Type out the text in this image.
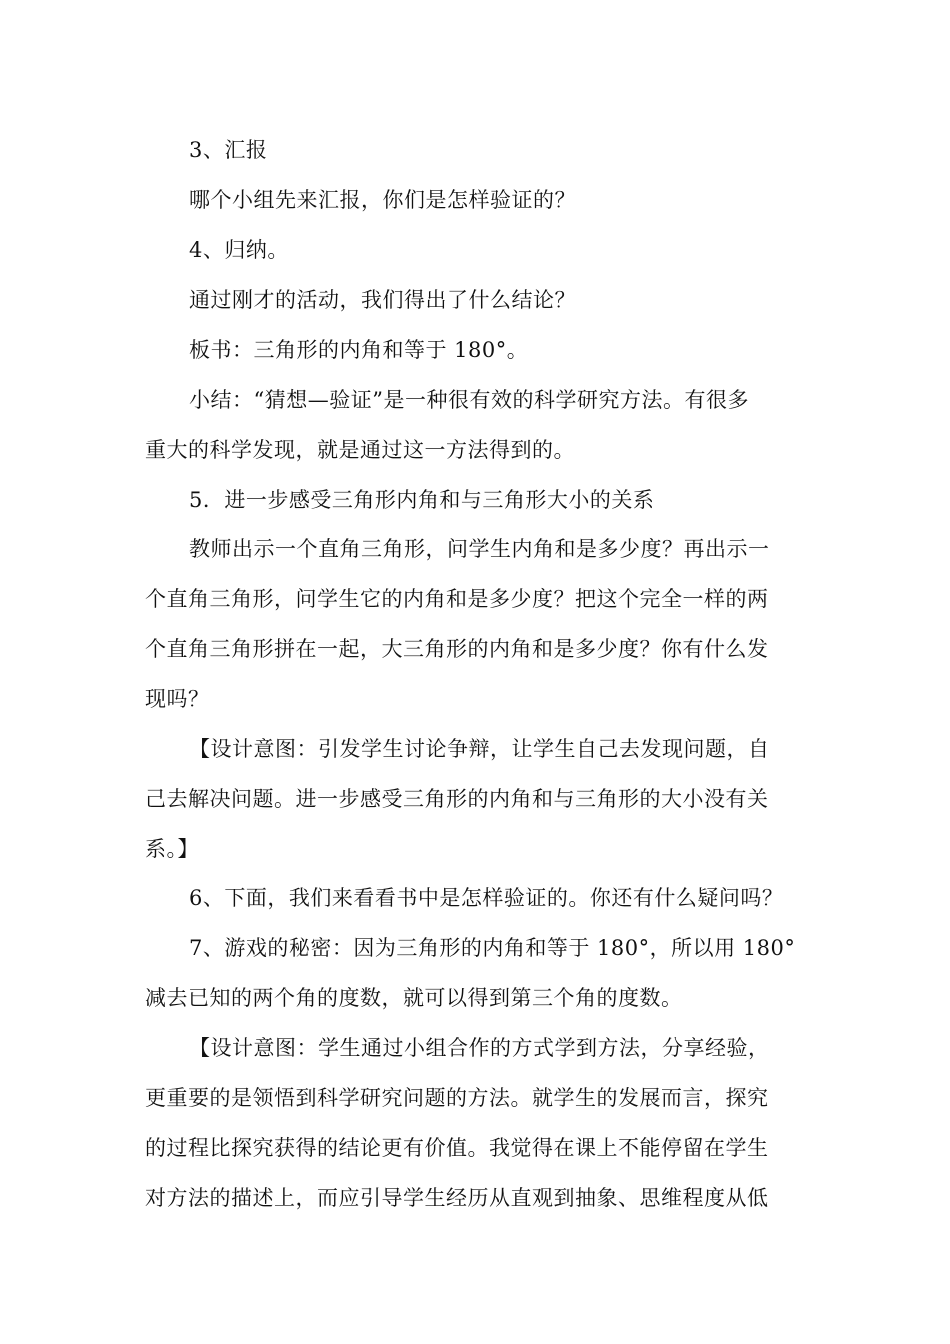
3、汇报
哪个小组先来汇报，你们是怎样验证的？
4、归纳。
通过刚才的活动，我们得出了什么结论？
板书：三角形的内角和等于 180°。
小结：“猜想—验证”是一种很有效的科学研究方法。有很多
重大的科学发现，就是通过这一方法得到的。
5．进一步感受三角形内角和与三角形大小的关系
教师出示一个直角三角形，问学生内角和是多少度？再出示一
个直角三角形，问学生它的内角和是多少度？把这个完全一样的两
个直角三角形拼在一起，大三角形的内角和是多少度？你有什么发
现吗？
【设计意图：引发学生讨论争辩，让学生自己去发现问题，自
己去解决问题。进一步感受三角形的内角和与三角形的大小没有关
系。】
6、下面，我们来看看书中是怎样验证的。你还有什么疑问吗？
7、游戏的秘密：因为三角形的内角和等于 180°，所以用 180°
减去已知的两个角的度数，就可以得到第三个角的度数。
【设计意图：学生通过小组合作的方式学到方法，分享经验，
更重要的是领悟到科学研究问题的方法。就学生的发展而言，探究
的过程比探究获得的结论更有价值。我觉得在课上不能停留在学生
对方法的描述上，而应引导学生经历从直观到抽象、思维程度从低
